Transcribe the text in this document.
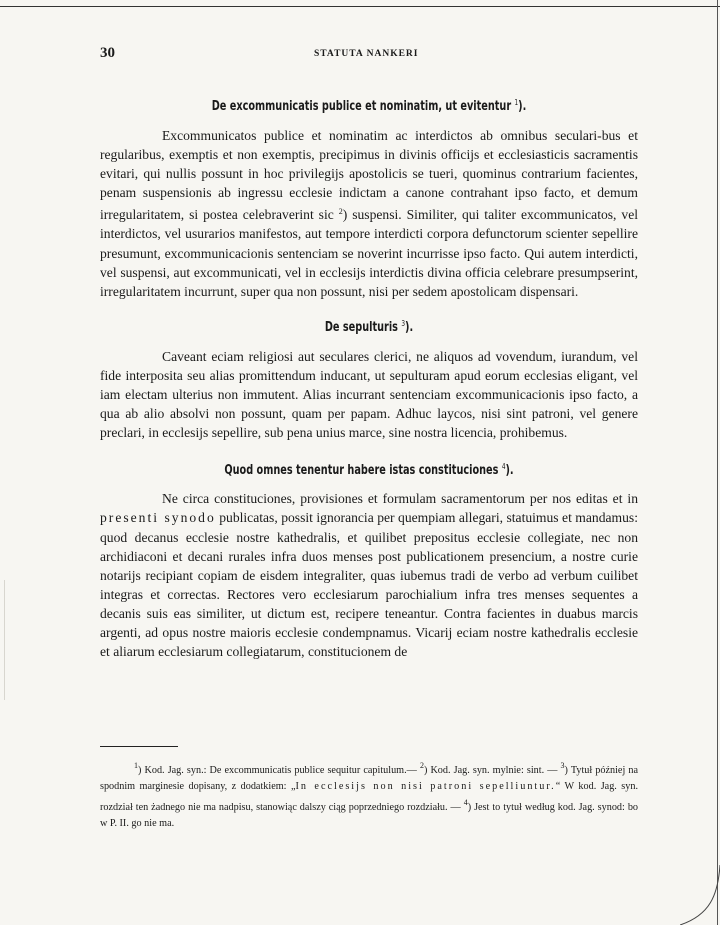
30	STATUTA NANKERI
De excommunicatis publice et nominatim, ut evitentur $^1$).

Excommunicatos publice et nominatim ac interdictos ab omnibus seculari-bus et regularibus, exemptis et non exemptis, precipimus in divinis officijs et ecclesiasticis sacramentis evitari, qui nullis possunt in hoc privilegijs apostolicis se tueri, quominus contrarium facientes, penam suspensionis ab ingressu ecclesie indictam a canone contrahant ipso facto, et demum irregularitatem, si postea celebraverint sic $^2$) suspensi. Similiter, qui taliter excommunicatos, vel interdictos, vel usurarios manifestos, aut tempore interdicti corpora defunctorum scienter sepellire presumunt, excommunicacionis sentenciam se noverint incurrisse ipso facto. Qui autem interdicti, vel suspensi, aut excommunicati, vel in ecclesijs interdictis divina officia celebrare presumpserint, irregularitatem incurrunt, super qua non possunt, nisi per sedem apostolicam dispensari.

De sepulturis $^3$).

Caveant eciam religiosi aut seculares clerici, ne aliquos ad vovendum, iurandum, vel fide interposita seu alias promittendum inducant, ut sepulturam apud eorum ecclesias eligant, vel iam electam ulterius non immutent. Alias incurrant sentenciam excommunicacionis ipso facto, a qua ab alio absolvi non possunt, quam per papam. Adhuc laycos, nisi sint patroni, vel genere preclari, in ecclesijs sepellire, sub pena unius marce, sine nostra licencia, prohibemus.

Quod omnes tenentur habere istas constituciones $^4$).

Ne circa constituciones, provisiones et formulam sacramentorum per nos editas et in presenti synodo publicatas, possit ignorancia per quempiam allegari, statuimus et mandamus: quod decanus ecclesie nostre kathedralis, et quilibet prepositus ecclesie collegiate, nec non archidiaconi et decani rurales infra duos menses post publicationem presencium, a nostre curie notarijs recipiant copiam de eisdem integraliter, quas iubemus tradi de verbo ad verbum cuilibet integras et correctas. Rectores vero ecclesiarum parochialium infra tres menses sequentes a decanis suis eas similiter, ut dictum est, recipere teneantur. Contra facientes in duabus marcis argenti, ad opus nostre maioris ecclesie condempnamus. Vicarij eciam nostre kathedralis ecclesie et aliarum ecclesiarum collegiatarum, constitucionem de

$^1$) Kod. Jag. syn.: De excommunicatis publice sequitur capitulum.— $^2$) Kod. Jag. syn. mylnie: sint. — $^3$) Tytuł później na spodnim marginesie dopisany, z dodatkiem: „In ecclesijs non nisi patroni sepelliuntur.“ W kod. Jag. syn. rozdział ten żadnego nie ma nadpisu, stanowiąc dalszy ciąg poprzedniego rozdziału. — $^4$) Jest to tytuł według kod. Jag. synod: bo w P. II. go nie ma.
